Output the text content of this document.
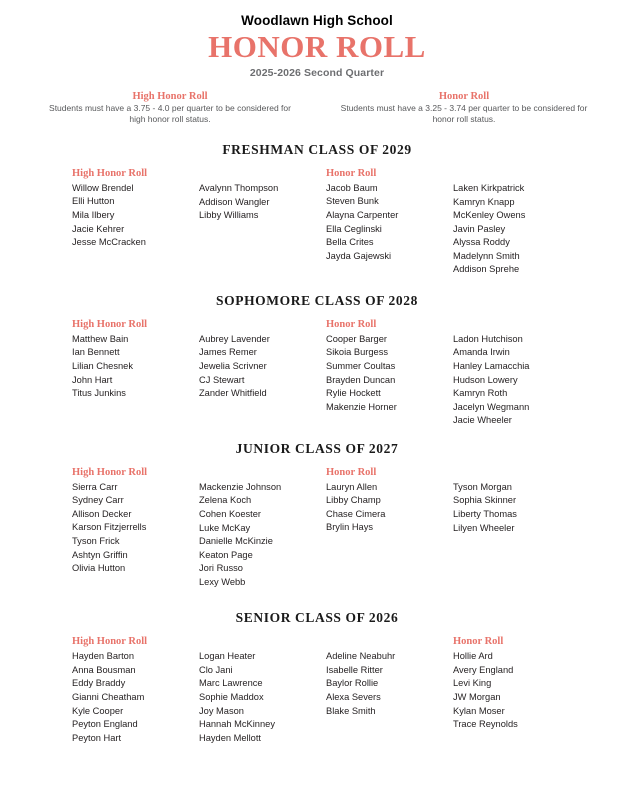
Woodlawn High School
HONOR ROLL
2025-2026 Second Quarter
High Honor Roll
Students must have a 3.75 - 4.0 per quarter to be considered for high honor roll status.
Honor Roll
Students must have a 3.25 - 3.74 per quarter to be considered for honor roll status.
FRESHMAN CLASS OF 2029
High Honor Roll
Willow Brendel
Elli Hutton
Mila Ilbery
Jacie Kehrer
Jesse McCracken
Avalynn Thompson
Addison Wangler
Libby Williams
Honor Roll
Jacob Baum
Steven Bunk
Alayna Carpenter
Ella Ceglinski
Bella Crites
Jayda Gajewski
Laken Kirkpatrick
Kamryn Knapp
McKenley Owens
Javin Pasley
Alyssa Roddy
Madelynn Smith
Addison Sprehe
SOPHOMORE CLASS OF 2028
High Honor Roll
Matthew Bain
Ian Bennett
Lilian Chesnek
John Hart
Titus Junkins
Aubrey Lavender
James Remer
Jewelia Scrivner
CJ Stewart
Zander Whitfield
Honor Roll
Cooper Barger
Sikoia Burgess
Summer Coultas
Brayden Duncan
Rylie Hockett
Makenzie Horner
Ladon Hutchison
Amanda Irwin
Hanley Lamacchia
Hudson Lowery
Kamryn Roth
Jacelyn Wegmann
Jacie Wheeler
JUNIOR CLASS OF 2027
High Honor Roll
Sierra Carr
Sydney Carr
Allison Decker
Karson Fitzjerrells
Tyson Frick
Ashtyn Griffin
Olivia Hutton
Mackenzie Johnson
Zelena Koch
Cohen Koester
Luke McKay
Danielle McKinzie
Keaton Page
Jori Russo
Lexy Webb
Honor Roll
Lauryn Allen
Libby Champ
Chase Cimera
Brylin Hays
Tyson Morgan
Sophia Skinner
Liberty Thomas
Lilyen Wheeler
SENIOR CLASS OF 2026
High Honor Roll
Hayden Barton
Anna Bousman
Eddy Braddy
Gianni Cheatham
Kyle Cooper
Peyton England
Peyton Hart
Logan Heater
Clo Jani
Marc Lawrence
Sophie Maddox
Joy Mason
Hannah McKinney
Hayden Mellott
Adeline Neabuhr
Isabelle Ritter
Baylor Rollie
Alexa Severs
Blake Smith
Honor Roll
Hollie Ard
Avery England
Levi King
JW Morgan
Kylan Moser
Trace Reynolds
